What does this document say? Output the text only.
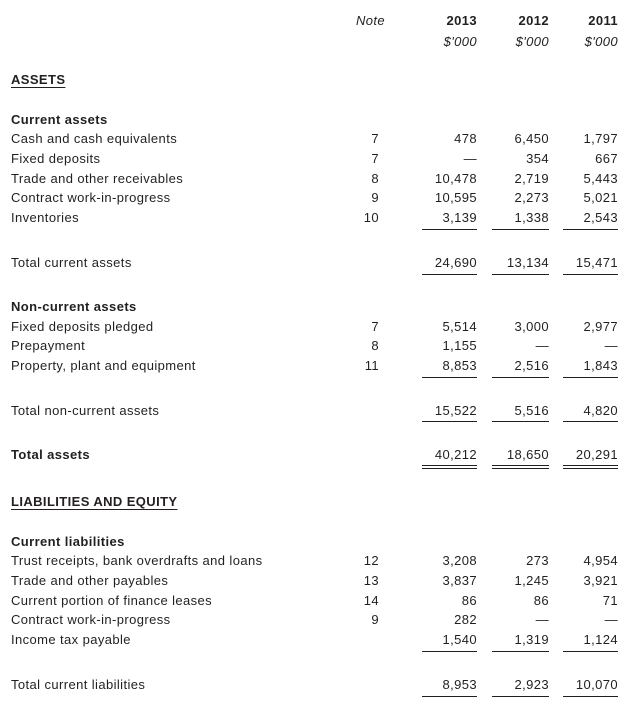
Note	2013	2012	2011
$'000	$'000	$'000
ASSETS
Current assets
Cash and cash equivalents	7	478	6,450	1,797
Fixed deposits	7	—	354	667
Trade and other receivables	8	10,478	2,719	5,443
Contract work-in-progress	9	10,595	2,273	5,021
Inventories	10	3,139	1,338	2,543
Total current assets	24,690	13,134	15,471
Non-current assets
Fixed deposits pledged	7	5,514	3,000	2,977
Prepayment	8	1,155	—	—
Property, plant and equipment	11	8,853	2,516	1,843
Total non-current assets	15,522	5,516	4,820
Total assets	40,212	18,650	20,291
LIABILITIES AND EQUITY
Current liabilities
Trust receipts, bank overdrafts and loans	12	3,208	273	4,954
Trade and other payables	13	3,837	1,245	3,921
Current portion of finance leases	14	86	86	71
Contract work-in-progress	9	282	—	—
Income tax payable	1,540	1,319	1,124
Total current liabilities	8,953	2,923	10,070
